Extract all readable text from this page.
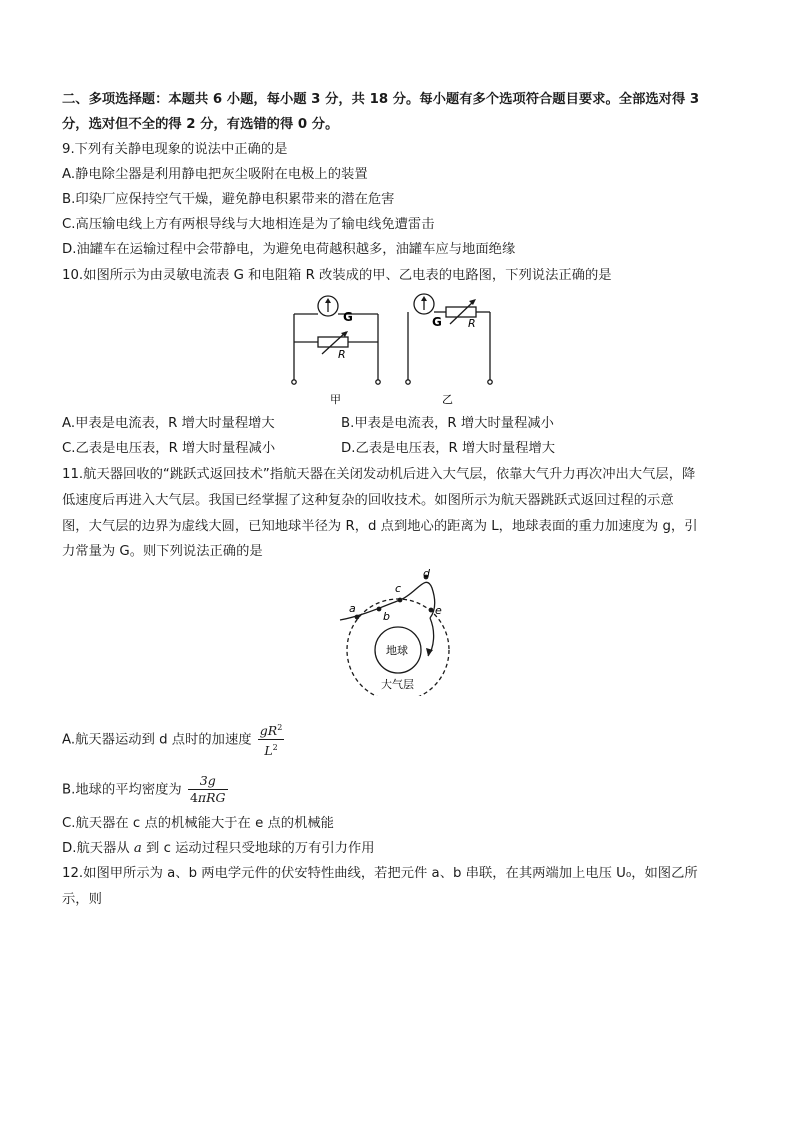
二、多项选择题：本题共 6 小题，每小题 3 分，共 18 分。每小题有多个选项符合题目要求。全部选对得 3
分，选对但不全的得 2 分，有选错的得 0 分。
9.下列有关静电现象的说法中正确的是
A.静电除尘器是利用静电把灰尘吸附在电极上的装置
B.印染厂应保持空气干燥，避免静电积累带来的潜在危害
C.高压输电线上方有两根导线与大地相连是为了输电线免遭雷击
D.油罐车在运输过程中会带静电，为避免电荷越积越多，油罐车应与地面绝缘
10.如图所示为由灵敏电流表 G 和电阻箱 R 改装成的甲、乙电表的电路图，下列说法正确的是
G
R
甲
G R
乙
A.甲表是电流表，R 增大时量程增大	B.甲表是电流表，R 增大时量程减小
C.乙表是电压表，R 增大时量程减小	D.乙表是电压表，R 增大时量程增大
11.航天器回收的“跳跃式返回技术”指航天器在关闭发动机后进入大气层，依靠大气升力再次冲出大气层，降
低速度后再进入大气层。我国已经掌握了这种复杂的回收技术。如图所示为航天器跳跃式返回过程的示意
图，大气层的边界为虚线大圆，已知地球半径为 R，d 点到地心的距离为 L，地球表面的重力加速度为 g，引
力常量为 G。则下列说法正确的是
a
b
c
d
e
地球
大气层
A.航天器运动到 d 点时的加速度 $\frac{gR^2}{L^2}$
B.地球的平均密度为 $\frac{3g}{\text{4πRG}}$
C.航天器在 c 点的机械能大于在 e 点的机械能
D.航天器从 a 到 c 运动过程只受地球的万有引力作用
12.如图甲所示为 a、b 两电学元件的伏安特性曲线，若把元件 a、b 串联，在其两端加上电压 U₀，如图乙所
示，则
